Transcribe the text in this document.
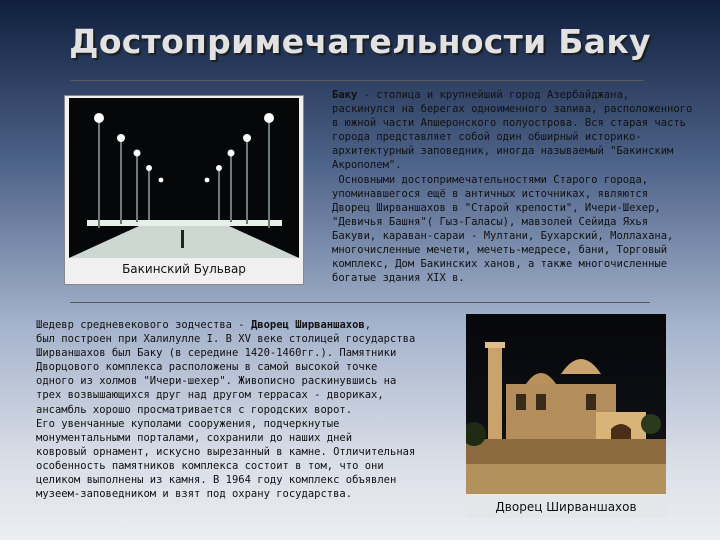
Достопримечательности Баку
Бакинский Бульвар

Баку - столица и крупнейший город Азербайджана,
раскинулся на берегах одноименного залива, расположенного
в южной части Апшеронского полуострова. Вся старая часть
города представляет собой один обширный историко-
архитектурный заповедник, иногда называемый "Бакинским
Акрополем".
Основными достопримечательностями Старого города,
упоминавшегося ещё в античных источниках, являются
Дворец Ширваншахов в "Старой крепости", Ичери-Шехер,
"Девичья Башня"( Гыз-Галасы), мавзолей Сейида Яхья
Бакуви, караван-сараи - Мултани, Бухарский, Моллахана,
многочисленные мечети, мечеть-медресе, бани, Торговый
комплекс, Дом Бакинских ханов, а также многочисленные
богатые здания XIX в.

Шедевр средневекового зодчества - Дворец Ширваншахов,
был построен при Халилулле I. В XV веке столицей государства
Ширваншахов был Баку (в середине 1420-1460гг.). Памятники
Дворцового комплекса расположены в самой высокой точке
одного из холмов "Ичери-шехер". Живописно раскинувшись на
трех возвышающихся друг над другом террасах - двориках,
ансамбль хорошо просматривается с городских ворот.
Его увенчанные куполами сооружения, подчеркнутые
монументальными порталами, сохранили до наших дней
ковровый орнамент, искусно вырезанный в камне. Отличительная
особенность памятников комплекса состоит в том, что они
целиком выполнены из камня. В 1964 году комплекс объявлен
музеем-заповедником и взят под охрану государства.

Дворец Ширваншахов
